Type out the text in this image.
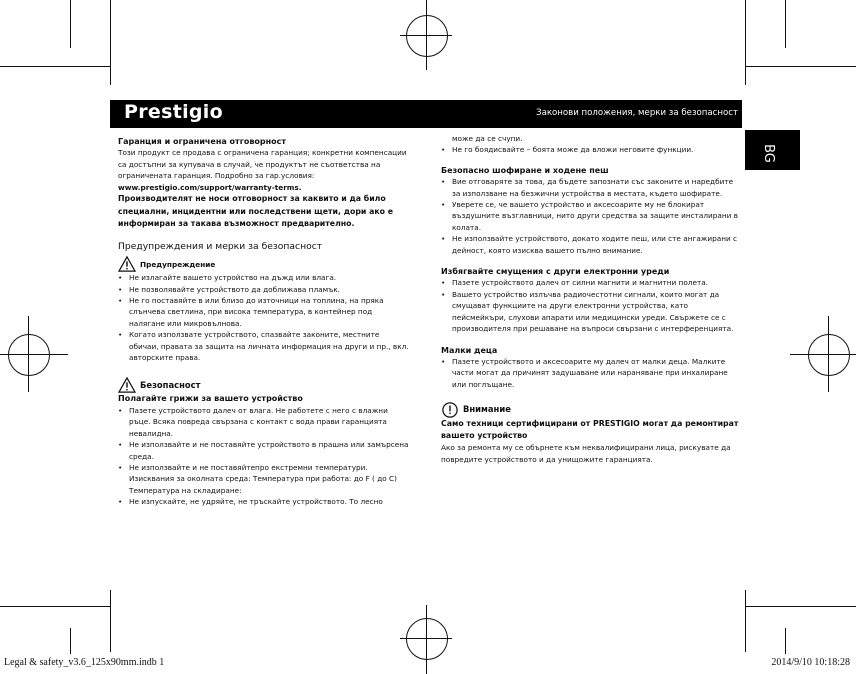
Prestigio	Законови положения, мерки за безопасност
BG

Гаранция и ограничена отговорност

Този продукт се продава с ограничена гаранция; конкретни компенсации са достъпни за купувача в случай, че продуктът не съответства на ограничената гаранция. Подробно за гар.условия:

www.prestigio.com/support/warranty-terms.

Производителят не носи отговорност за каквито и да било специални, инцидентни или последствени щети, дори ако е информиран за такава възможност предварително.

Предупреждения и мерки за безопасност

Предупреждение
• Не излагайте вашето устройство на дъжд или влага.
• Не позволявайте устройството да доближава пламък.
• Не го поставяйте в или близо до източници на топлина, на пряка слънчева светлина, при висока температура, в контейнер под налягане или микровълнова.
• Когато използвате устройството, спазвайте законите, местните обичаи, правата за защита на личната информация на други и пр., вкл. авторските права.
Безопасност

Полагайте грижи за вашето устройство

• Пазете устройството далеч от влага. Не работете с него с влажни ръце. Всяка повреда свързана с контакт с вода прави гаранцията невалидна.
• Не използвайте и не поставяйте устройството в прашна или замърсена среда.
• Не използвайте и не поставяйтепро екстремни температури. Изисквания за околната среда: Температура при работа: до F ( до C) Температура на складиране:
• Не изпускайте, не удряйте, не тръскайте устройството. То лесно

може да се счупи.

• Не го боядисвайте – боята може да вложи неговите функции.

Безопасно шофиране и ходене пеш

• Вие отговаряте за това, да бъдете запознати със законите и наредбите за използване на безжични устройства в местата, където шофирате.
• Уверете се, че вашето устройство и аксесоарите му не блокират въздушните възглавници, нито други средства за защите инсталирани в колата.
• Не използвайте устройството, докато ходите пеш, или сте ангажирани с дейност, която изисква вашето пълно внимание.

Избягвайте смущения с други електронни уреди

• Пазете устройството далеч от силни магнити и магнитни полета.
• Вашето устройство излъчва радиочестотни сигнали, които могат да смущават функциите на други електронни устройства, като пейсмейкъри, слухови апарати или медицински уреди. Свържете се с производителя при решаване на въпроси свързани с интерференцията.

Малки деца

• Пазете устройството и аксесоарите му далеч от малки деца. Малките части могат да причинят задушаване или нараняване при инхалиране или поглъщане.
Внимание

Само техници сертифицирани от PRESTIGIO могат да ремонтират вашето устройство

Ако за ремонта му се обърнете към неквалифицирани лица, рискувате да повредите устройството и да унищожите гаранцията.

Legal & safety_v3.6_125x90mm.indb 1	2014/9/10 10:18:28
